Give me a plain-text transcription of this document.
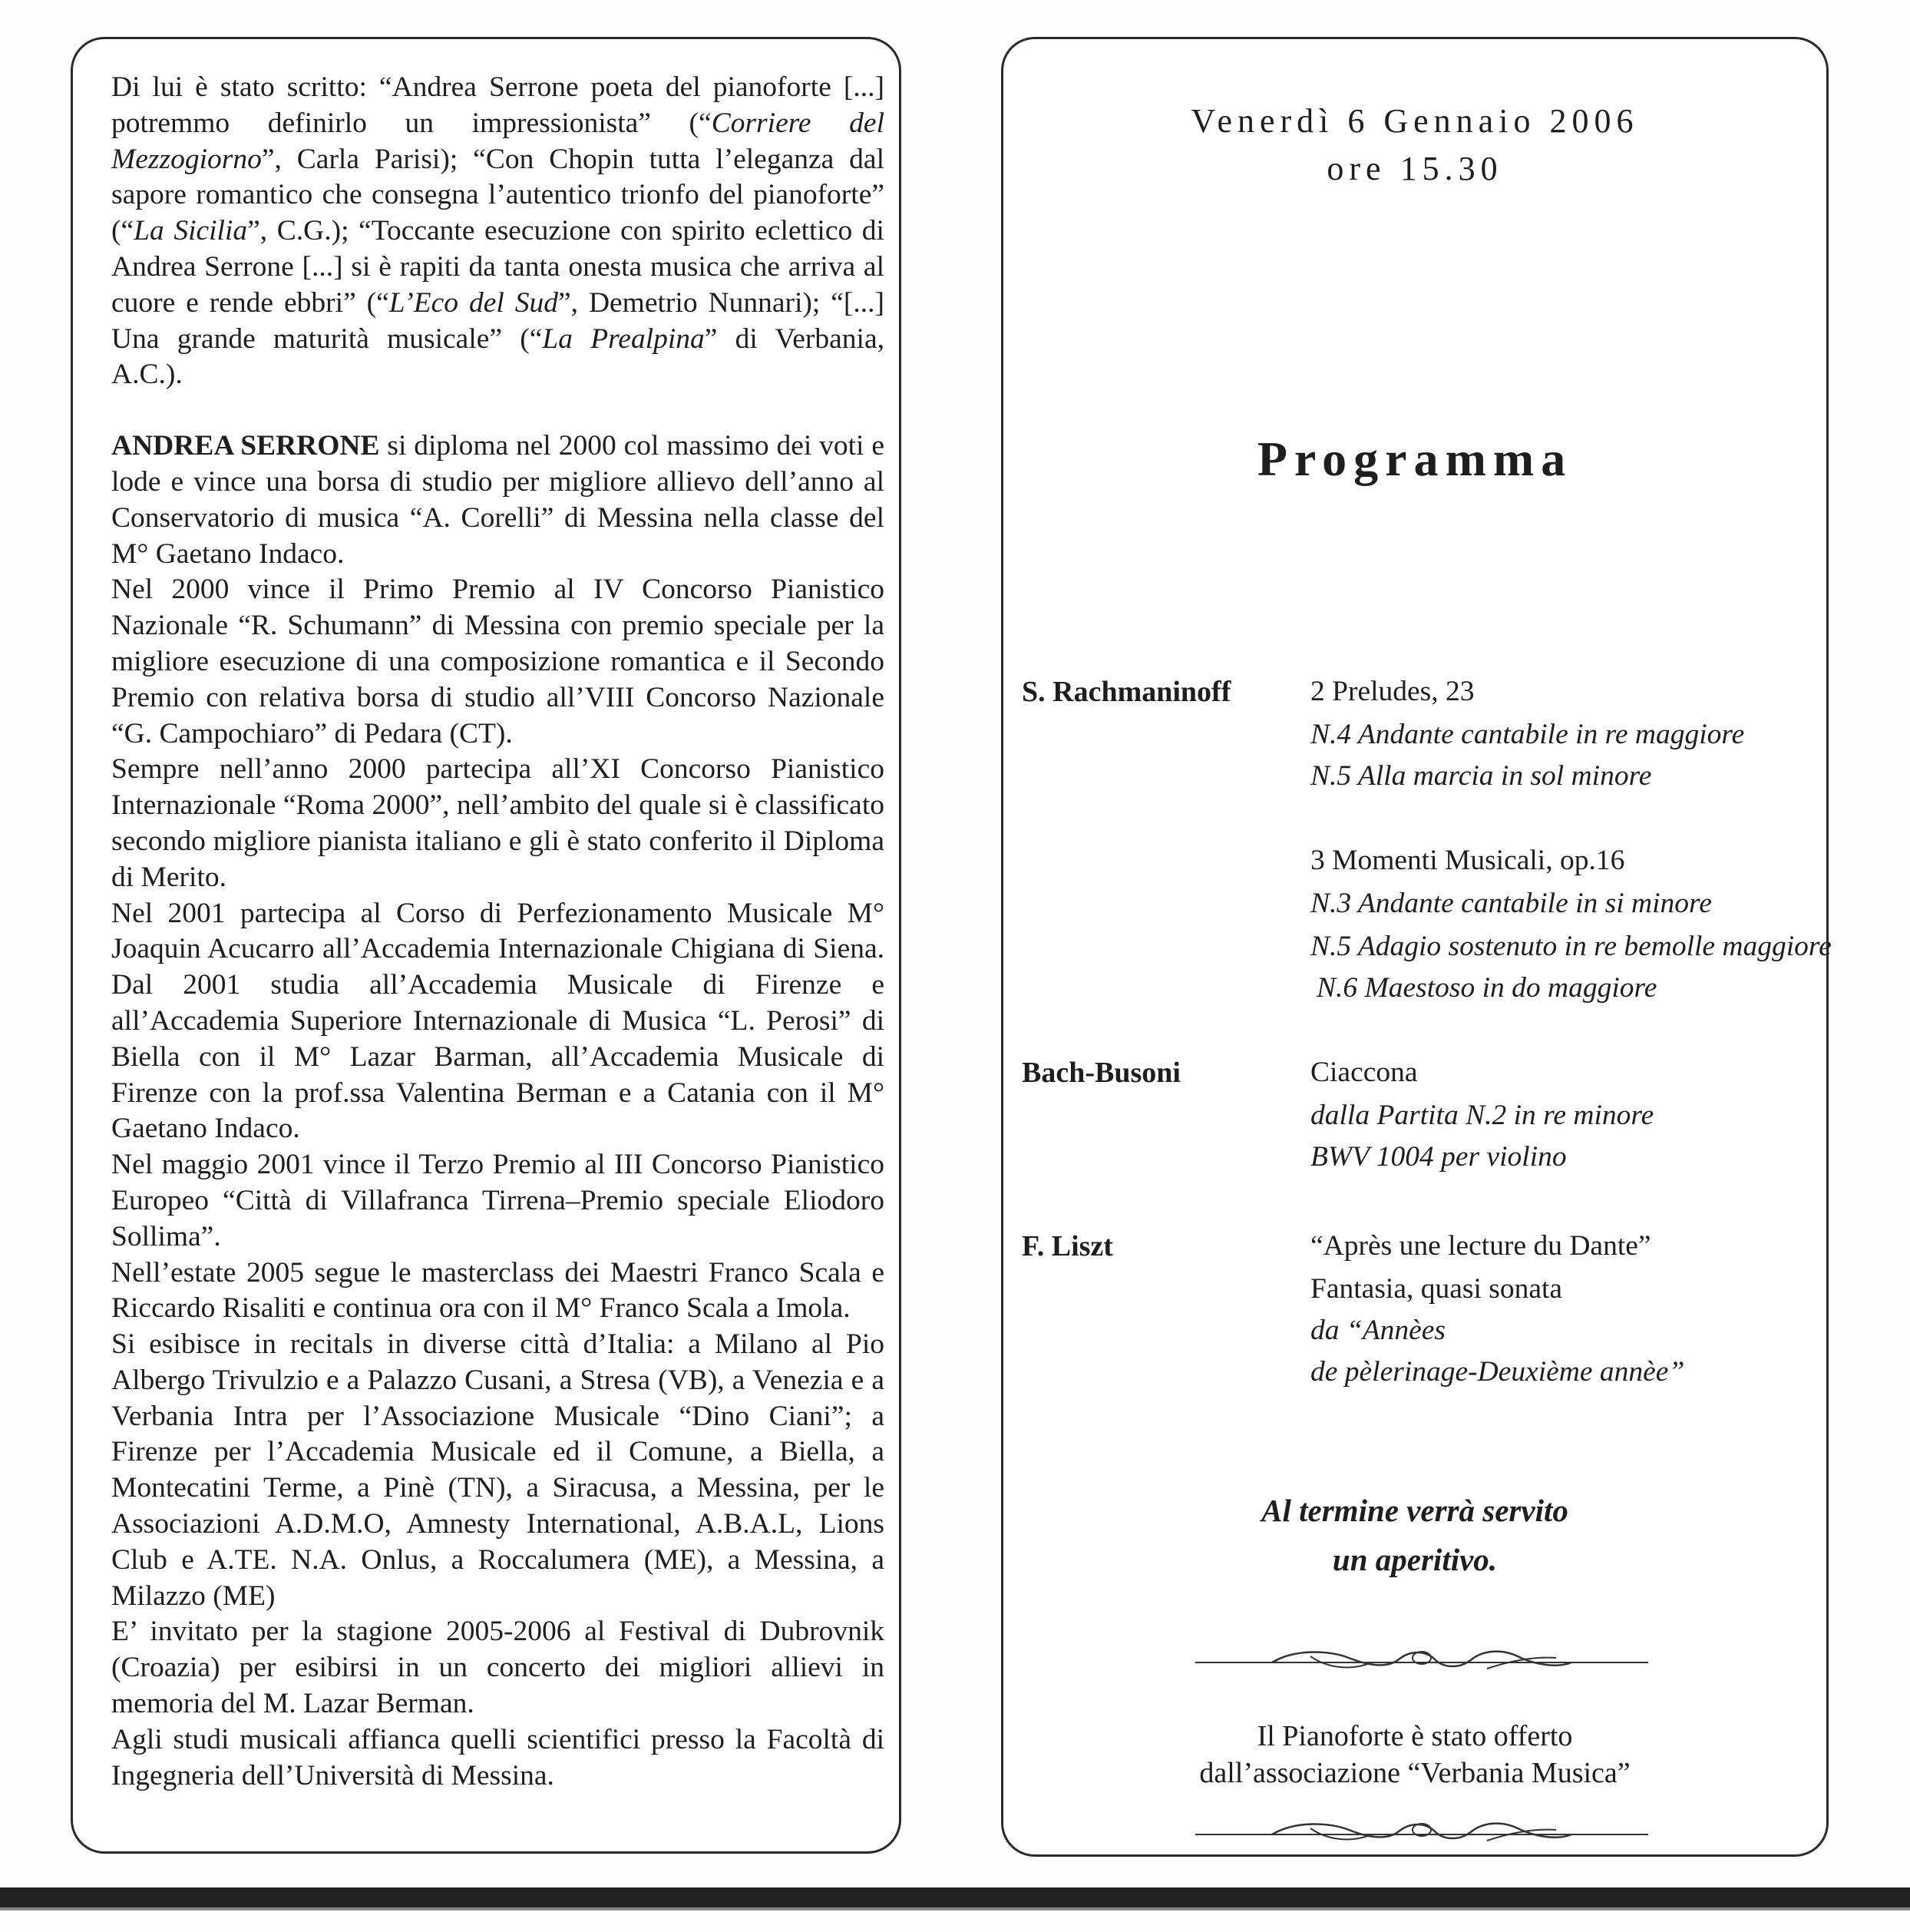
Di lui è stato scritto: “Andrea Serrone poeta del pianoforte [...] potremmo definirlo un impressionista” (“Corriere del Mezzogiorno”, Carla Parisi); “Con Chopin tutta l’eleganza dal sapore romantico che consegna l’autentico trionfo del pianoforte” (“La Sicilia”, C.G.); “Toccante esecuzione con spirito eclettico di Andrea Serrone [...] si è rapiti da tanta onesta musica che arriva al cuore e rende ebbri” (“L’Eco del Sud”, Demetrio Nunnari); “[...] Una grande maturità musicale” (“La Prealpina” di Verbania, A.C.).

ANDREA SERRONE si diploma nel 2000 col massimo dei voti e lode e vince una borsa di studio per migliore allievo dell’anno al Conservatorio di musica “A. Corelli” di Messina nella classe del M° Gaetano Indaco.

Nel 2000 vince il Primo Premio al IV Concorso Pianistico Nazionale “R. Schumann” di Messina con premio speciale per la migliore esecuzione di una composizione romantica e il Secondo Premio con relativa borsa di studio all’VIII Concorso Nazionale “G. Campochiaro” di Pedara (CT).

Sempre nell’anno 2000 partecipa all’XI Concorso Pianistico Internazionale “Roma 2000”, nell’ambito del quale si è classificato secondo migliore pianista italiano e gli è stato conferito il Diploma di Merito.

Nel 2001 partecipa al Corso di Perfezionamento Musicale M° Joaquin Acucarro all’Accademia Internazionale Chigiana di Siena. Dal 2001 studia all’Accademia Musicale di Firenze e all’Accademia Superiore Internazionale di Musica “L. Perosi” di Biella con il M° Lazar Barman, all’Accademia Musicale di Firenze con la prof.ssa Valentina Berman e a Catania con il M° Gaetano Indaco.

Nel maggio 2001 vince il Terzo Premio al III Concorso Pianistico Europeo “Città di Villafranca Tirrena–Premio speciale Eliodoro Sollima”.

Nell’estate 2005 segue le masterclass dei Maestri Franco Scala e Riccardo Risaliti e continua ora con il M° Franco Scala a Imola.

Si esibisce in recitals in diverse città d’Italia: a Milano al Pio Albergo Trivulzio e a Palazzo Cusani, a Stresa (VB), a Venezia e a Verbania Intra per l’Associazione Musicale “Dino Ciani”; a Firenze per l’Accademia Musicale ed il Comune, a Biella, a Montecatini Terme, a Pinè (TN), a Siracusa, a Messina, per le Associazioni A.D.M.O, Amnesty International, A.B.A.L, Lions Club e A.TE. N.A. Onlus, a Roccalumera (ME), a Messina, a Milazzo (ME)

E’ invitato per la stagione 2005-2006 al Festival di Dubrovnik (Croazia) per esibirsi in un concerto dei migliori allievi in memoria del M. Lazar Berman.

Agli studi musicali affianca quelli scientifici presso la Facoltà di Ingegneria dell’Università di Messina.

Venerdì 6 Gennaio 2006
ore 15.30
Programma
S. Rachmaninoff	2 Preludes, 23
N.4 Andante cantabile in re maggiore
N.5 Alla marcia in sol minore
3 Momenti Musicali, op.16
N.3 Andante cantabile in si minore
N.5 Adagio sostenuto in re bemolle maggiore
N.6 Maestoso in do maggiore
Bach-Busoni	Ciaccona
dalla Partita N.2 in re minore
BWV 1004 per violino
F. Liszt	“Après une lecture du Dante”
Fantasia, quasi sonata
da “Annèes
de pèlerinage-Deuxième annèe”
Al termine verrà servito
un aperitivo.
Il Pianoforte è stato offerto
dall’associazione “Verbania Musica”
